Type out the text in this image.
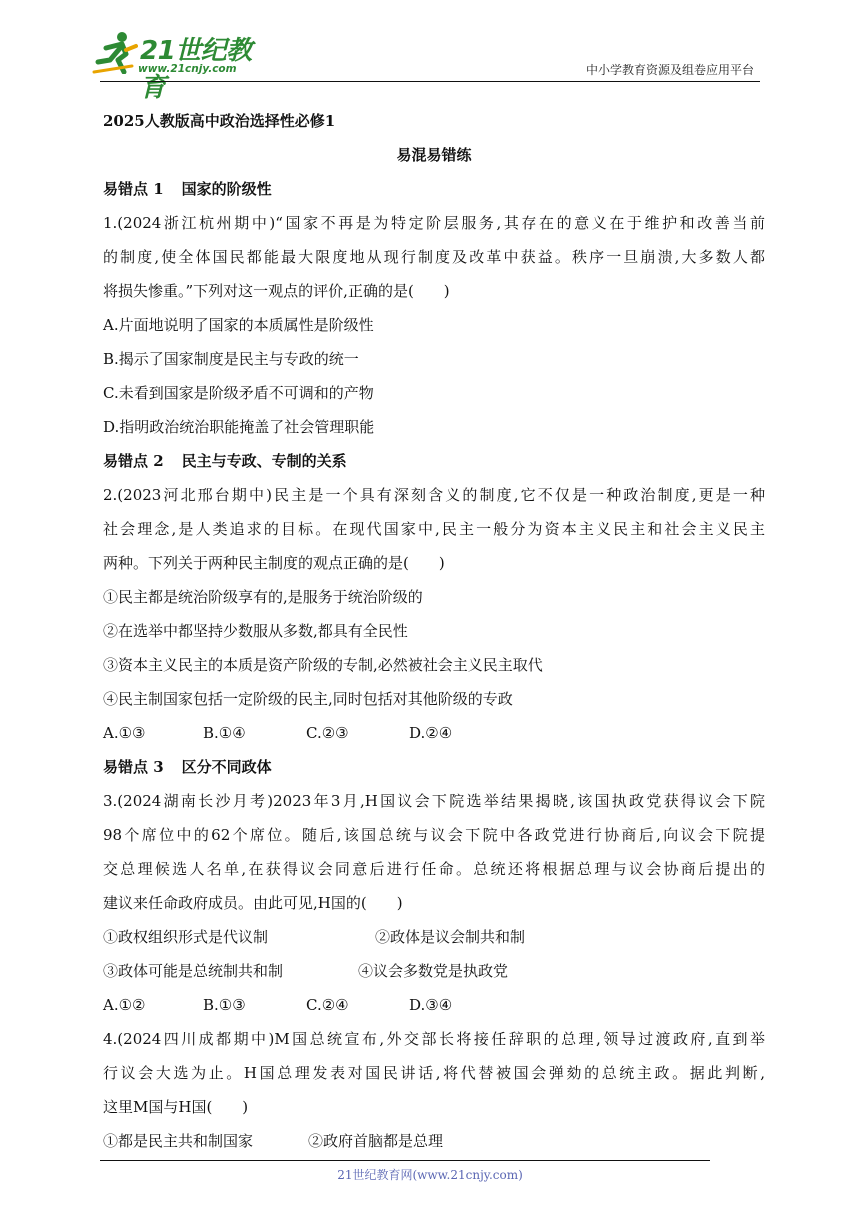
21世纪教育
www.21cnjy.com	中小学教育资源及组卷应用平台
2025人教版高中政治选择性必修1
易混易错练
易错点 1 国家的阶级性
1.(2024浙江杭州期中)“国家不再是为特定阶层服务,其存在的意义在于维护和改善当前
的制度,使全体国民都能最大限度地从现行制度及改革中获益。秩序一旦崩溃,大多数人都
将损失惨重。”下列对这一观点的评价,正确的是(　　)
A.片面地说明了国家的本质属性是阶级性
B.揭示了国家制度是民主与专政的统一
C.未看到国家是阶级矛盾不可调和的产物
D.指明政治统治职能掩盖了社会管理职能
易错点 2 民主与专政、专制的关系
2.(2023河北邢台期中)民主是一个具有深刻含义的制度,它不仅是一种政治制度,更是一种
社会理念,是人类追求的目标。在现代国家中,民主一般分为资本主义民主和社会主义民主
两种。下列关于两种民主制度的观点正确的是(　　)
①民主都是统治阶级享有的,是服务于统治阶级的
②在选举中都坚持少数服从多数,都具有全民性
③资本主义民主的本质是资产阶级的专制,必然被社会主义民主取代
④民主制国家包括一定阶级的民主,同时包括对其他阶级的专政
A.①③	B.①④	C.②③	D.②④
易错点 3 区分不同政体
3.(2024湖南长沙月考)2023年3月,H国议会下院选举结果揭晓,该国执政党获得议会下院
98个席位中的62个席位。随后,该国总统与议会下院中各政党进行协商后,向议会下院提
交总理候选人名单,在获得议会同意后进行任命。总统还将根据总理与议会协商后提出的
建议来任命政府成员。由此可见,H国的(　　)
①政权组织形式是代议制	②政体是议会制共和制
③政体可能是总统制共和制	④议会多数党是执政党
A.①②	B.①③	C.②④	D.③④
4.(2024四川成都期中)M国总统宣布,外交部长将接任辞职的总理,领导过渡政府,直到举
行议会大选为止。H国总理发表对国民讲话,将代替被国会弹劾的总统主政。据此判断,
这里M国与H国(　　)
①都是民主共和制国家	②政府首脑都是总理
21世纪教育网(www.21cnjy.com)
